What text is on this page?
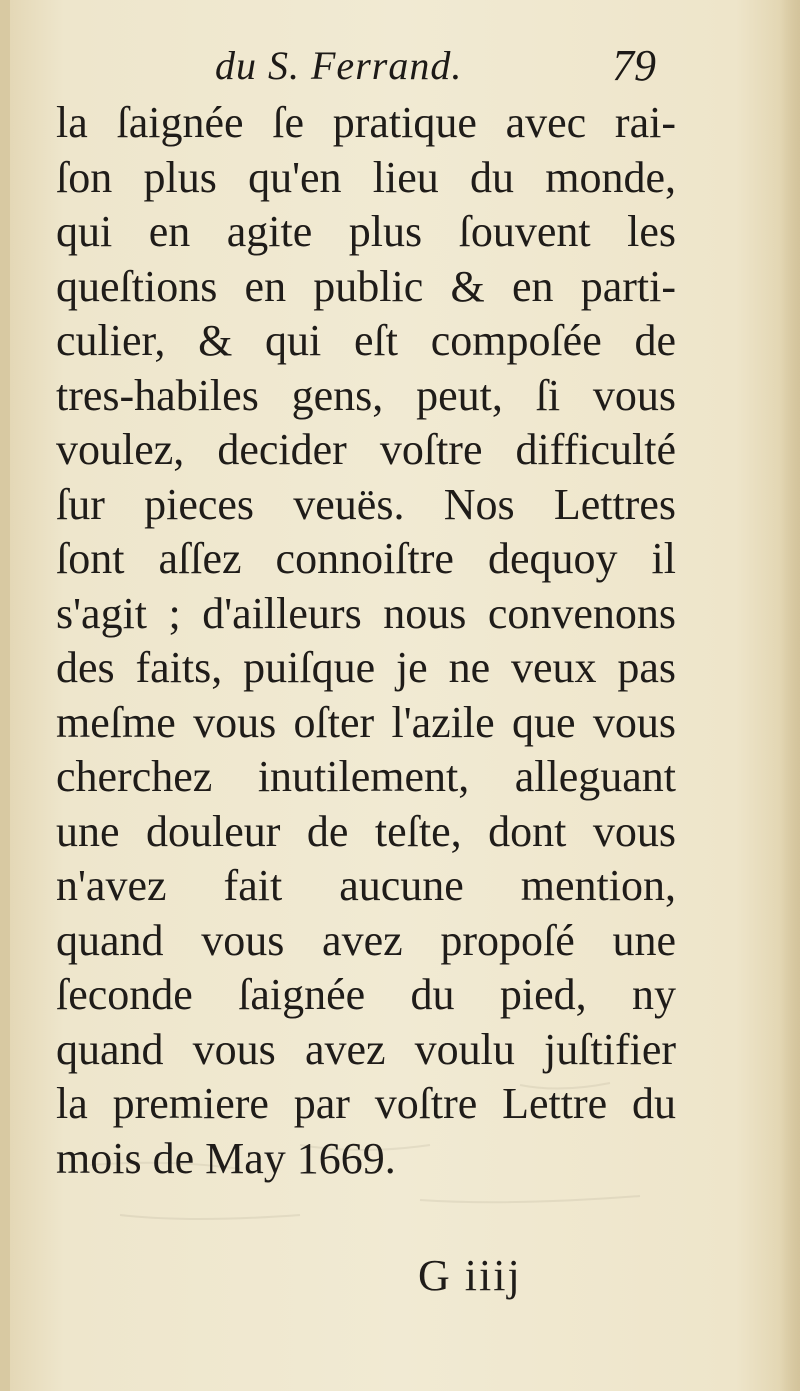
du S. Ferrand.	79
la ſaignée ſe pratique avec rai-
ſon plus qu'en lieu du monde,
qui en agite plus ſouvent les
queſtions en public & en parti-
culier, & qui eſt compoſée de
tres-habiles gens, peut, ſi vous
voulez, decider voſtre difficulté
ſur pieces veuës. Nos Lettres
ſont aſſez connoiſtre dequoy il
s'agit ; d'ailleurs nous convenons
des faits, puiſque je ne veux pas
meſme vous oſter l'azile que vous
cherchez inutilement, alleguant
une douleur de teſte, dont vous
n'avez fait aucune mention,
quand vous avez propoſé une
ſeconde ſaignée du pied, ny
quand vous avez voulu juſtifier
la premiere par voſtre Lettre du
mois de May 1669.
G iiij
